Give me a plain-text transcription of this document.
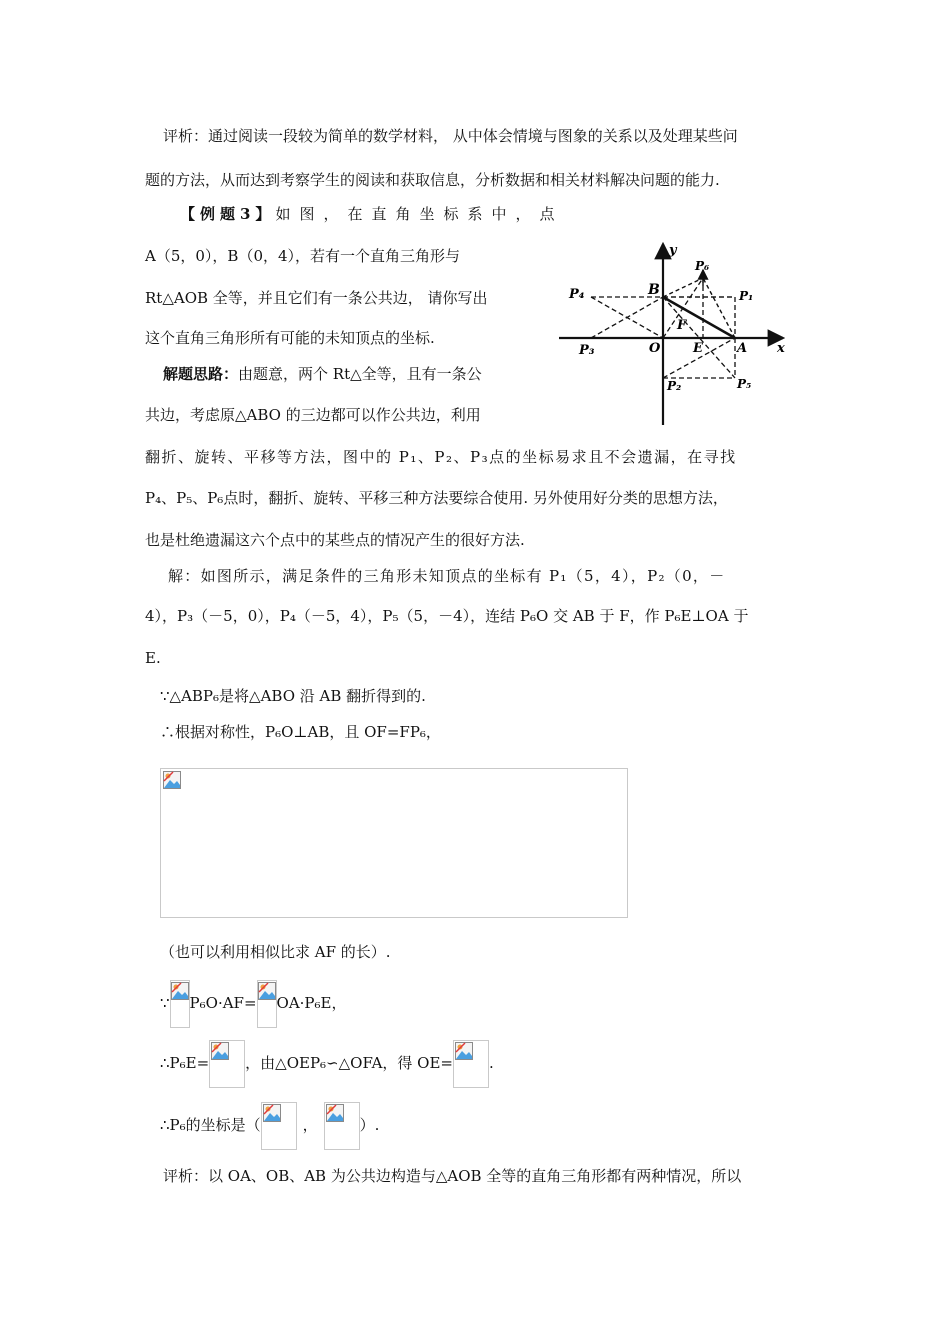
评析：通过阅读一段较为简单的数学材料， 从中体会情境与图象的关系以及处理某些问
题的方法，从而达到考察学生的阅读和获取信息，分析数据和相关材料解决问题的能力.
【例题3】 如图，在直角坐标系中，点
A（5，0），B（0，4），若有一个直角三角形与
Rt△AOB 全等，并且它们有一条公共边， 请你写出
这个直角三角形所有可能的未知顶点的坐标.
解题思路：由题意，两个 Rt△全等，且有一条公
共边，考虑原△ABO 的三边都可以作公共边，利用
翻折、旋转、平移等方法，图中的 P₁、P₂、P₃点的坐标易求且不会遗漏，在寻找
P₄、P₅、P₆点时，翻折、旋转、平移三种方法要综合使用. 另外使用好分类的思想方法，
也是杜绝遗漏这六个点中的某些点的情况产生的很好方法.
解：如图所示，满足条件的三角形未知顶点的坐标有 P₁（5，4），P₂（0，－
4），P₃（－5，0），P₄（－5，4），P₅（5，－4），连结 P₆O 交 AB 于 F，作 P₆E⊥OA 于
E.
∵△ABP₆是将△ABO 沿 AB 翻折得到的.
∴根据对称性，P₆O⊥AB，且 OF=FP₆，
（也可以利用相似比求 AF 的长）.
∵ P₆O·AF= OA·P₆E，
∴P₆E= ，由△OEP₆∽△OFA，得 OE= .
∴P₆的坐标是（	，	）.
评析：以 OA、OB、AB 为公共边构造与△AOB 全等的直角三角形都有两种情况，所以
y
x
P₆
P₄	B	P₁
F
P₃	O	E	A
P₂	P₅
